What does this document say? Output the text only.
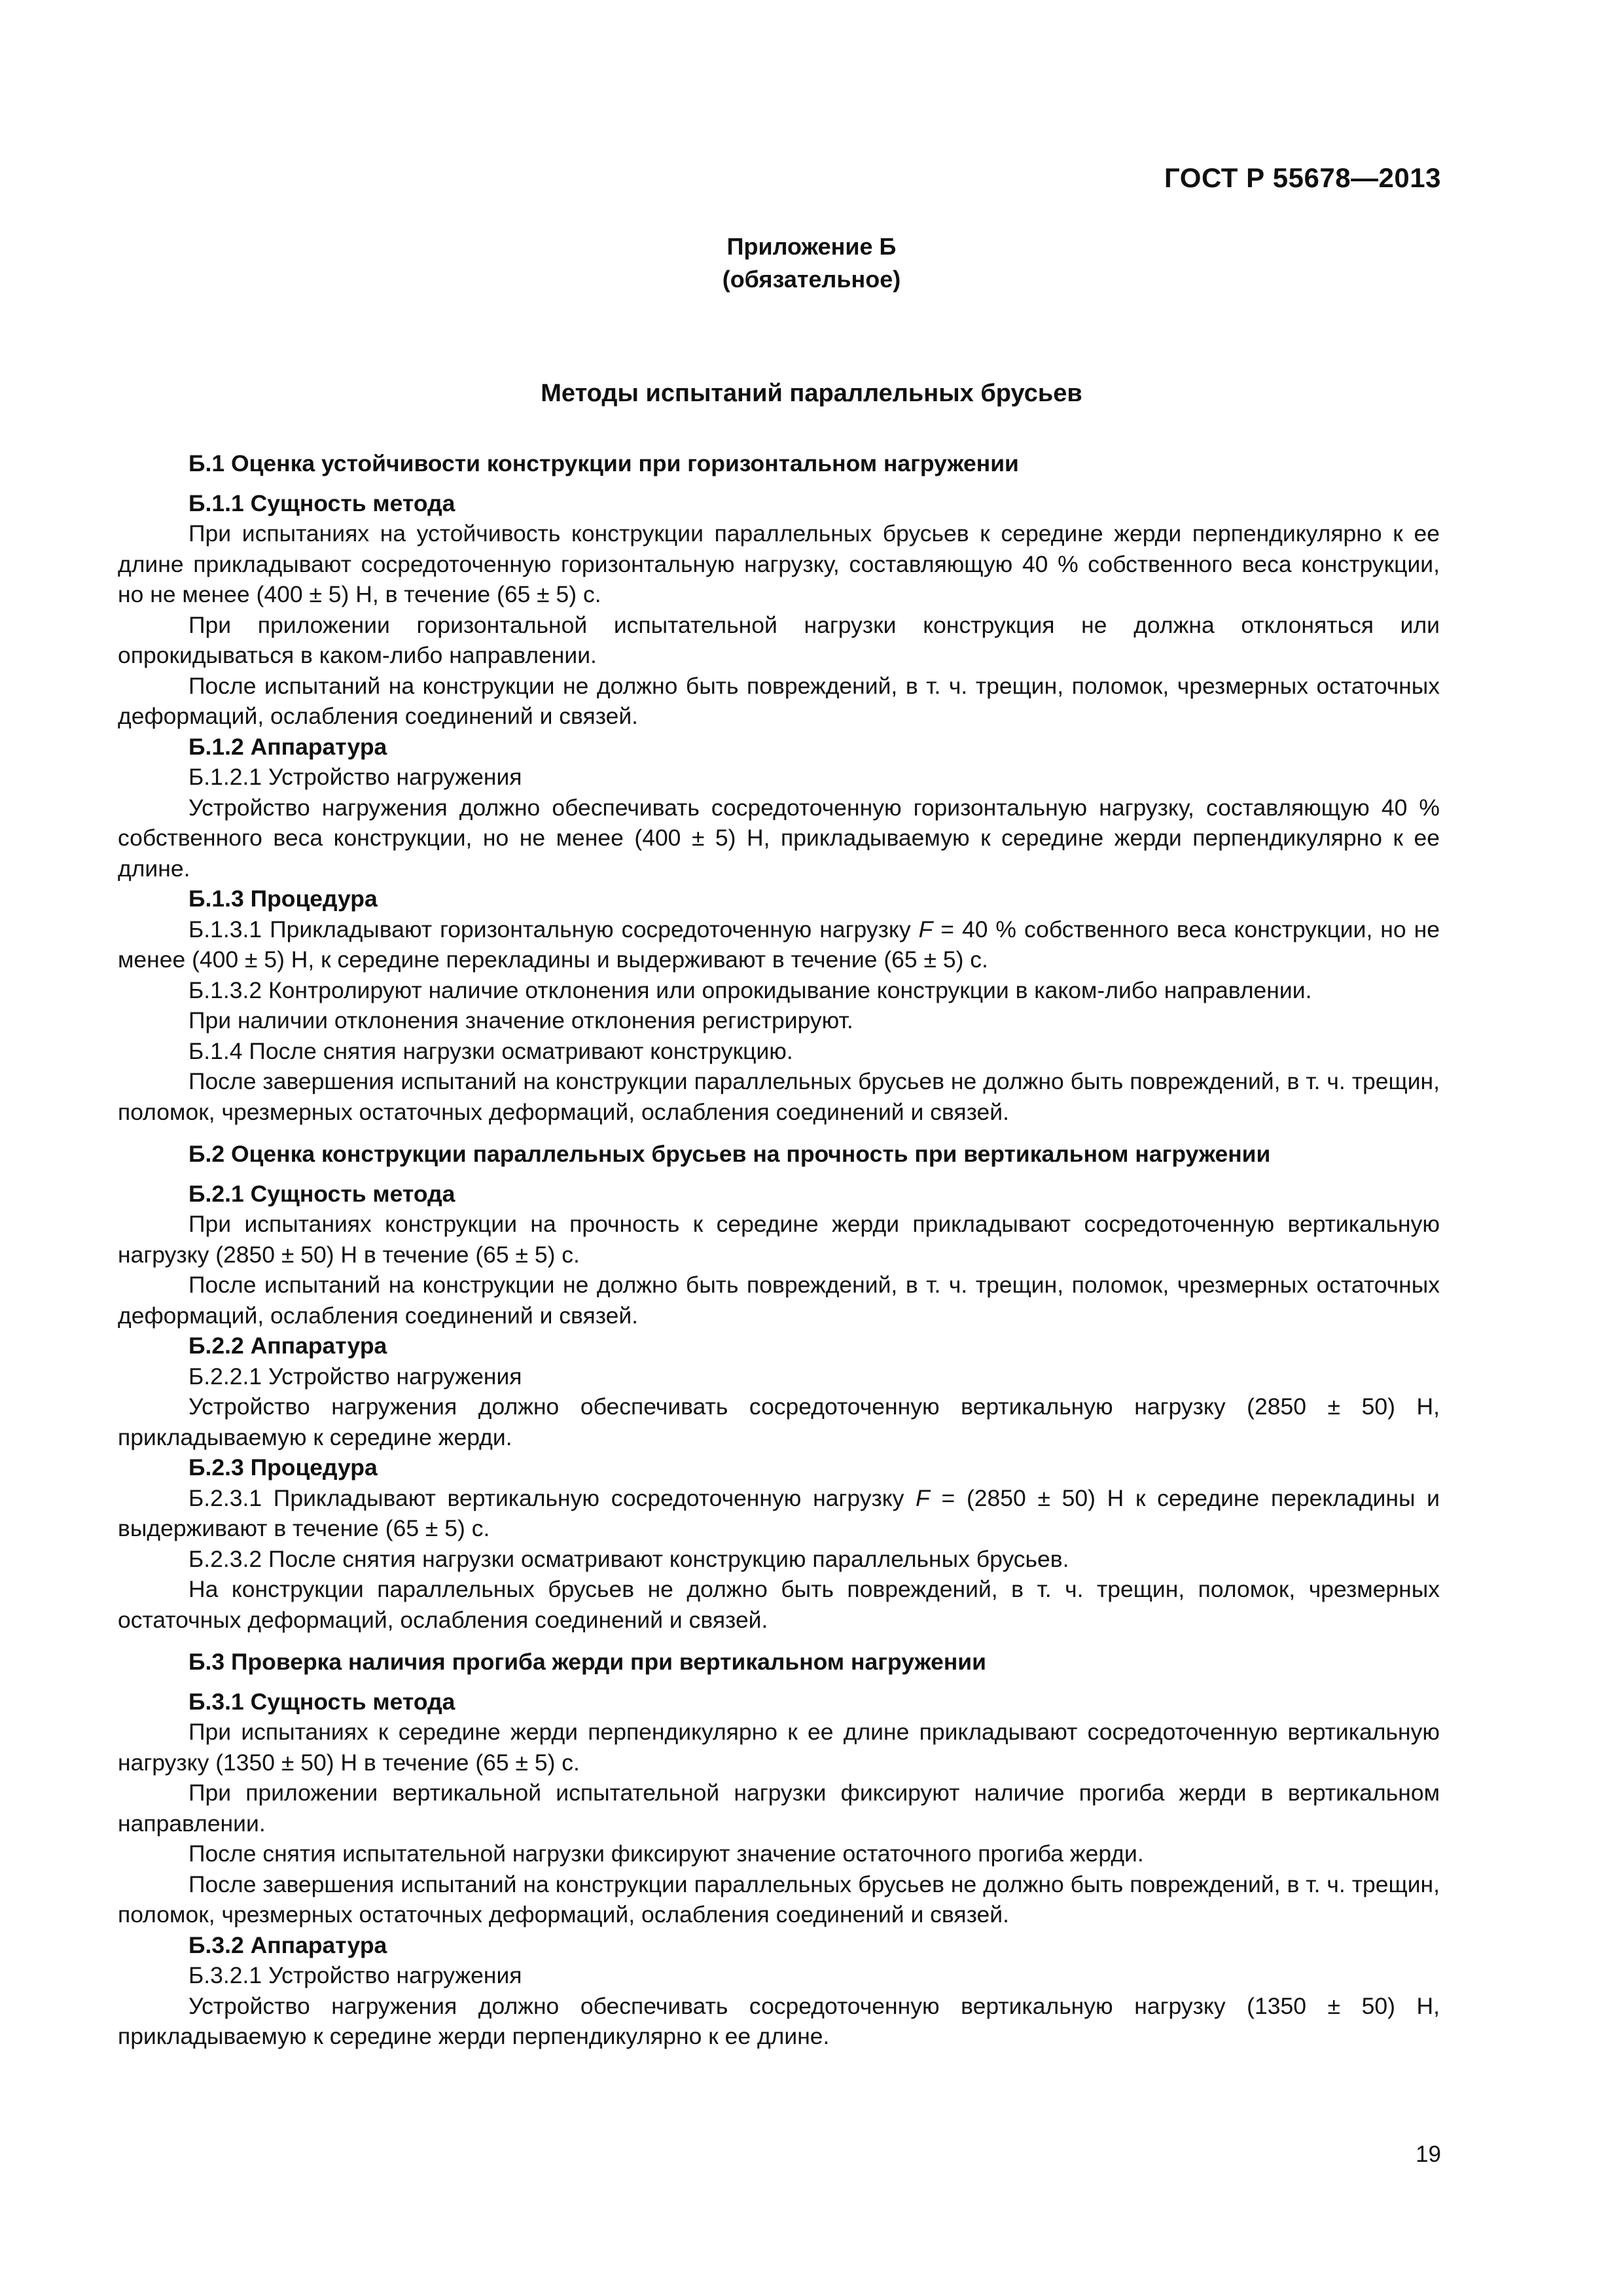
ГОСТ Р 55678—2013
Приложение Б
(обязательное)
Методы испытаний параллельных брусьев

Б.1 Оценка устойчивости конструкции при горизонтальном нагружении

Б.1.1 Сущность метода

При испытаниях на устойчивость конструкции параллельных брусьев к середине жерди перпендикулярно к ее длине прикладывают сосредоточенную горизонтальную нагрузку, составляющую 40 % собственного веса конструкции, но не менее (400 ± 5) Н, в течение (65 ± 5) с.

При приложении горизонтальной испытательной нагрузки конструкция не должна отклоняться или опрокидываться в каком-либо направлении.

После испытаний на конструкции не должно быть повреждений, в т. ч. трещин, поломок, чрезмерных остаточных деформаций, ослабления соединений и связей.

Б.1.2 Аппаратура

Б.1.2.1 Устройство нагружения

Устройство нагружения должно обеспечивать сосредоточенную горизонтальную нагрузку, составляющую 40 % собственного веса конструкции, но не менее (400 ± 5) Н, прикладываемую к середине жерди перпендикулярно к ее длине.

Б.1.3 Процедура

Б.1.3.1 Прикладывают горизонтальную сосредоточенную нагрузку F = 40 % собственного веса конструкции, но не менее (400 ± 5) Н, к середине перекладины и выдерживают в течение (65 ± 5) с.

Б.1.3.2 Контролируют наличие отклонения или опрокидывание конструкции в каком-либо направлении.

При наличии отклонения значение отклонения регистрируют.

Б.1.4 После снятия нагрузки осматривают конструкцию.

После завершения испытаний на конструкции параллельных брусьев не должно быть повреждений, в т. ч. трещин, поломок, чрезмерных остаточных деформаций, ослабления соединений и связей.

Б.2 Оценка конструкции параллельных брусьев на прочность при вертикальном нагружении

Б.2.1 Сущность метода

При испытаниях конструкции на прочность к середине жерди прикладывают сосредоточенную вертикальную нагрузку (2850 ± 50) Н в течение (65 ± 5) с.

После испытаний на конструкции не должно быть повреждений, в т. ч. трещин, поломок, чрезмерных остаточных деформаций, ослабления соединений и связей.

Б.2.2 Аппаратура

Б.2.2.1 Устройство нагружения

Устройство нагружения должно обеспечивать сосредоточенную вертикальную нагрузку (2850 ± 50) Н, прикладываемую к середине жерди.

Б.2.3 Процедура

Б.2.3.1 Прикладывают вертикальную сосредоточенную нагрузку F = (2850 ± 50) Н к середине перекладины и выдерживают в течение (65 ± 5) с.

Б.2.3.2 После снятия нагрузки осматривают конструкцию параллельных брусьев.

На конструкции параллельных брусьев не должно быть повреждений, в т. ч. трещин, поломок, чрезмерных остаточных деформаций, ослабления соединений и связей.

Б.3 Проверка наличия прогиба жерди при вертикальном нагружении

Б.3.1 Сущность метода

При испытаниях к середине жерди перпендикулярно к ее длине прикладывают сосредоточенную вертикальную нагрузку (1350 ± 50) Н в течение (65 ± 5) с.

При приложении вертикальной испытательной нагрузки фиксируют наличие прогиба жерди в вертикальном направлении.

После снятия испытательной нагрузки фиксируют значение остаточного прогиба жерди.

После завершения испытаний на конструкции параллельных брусьев не должно быть повреждений, в т. ч. трещин, поломок, чрезмерных остаточных деформаций, ослабления соединений и связей.

Б.3.2 Аппаратура

Б.3.2.1 Устройство нагружения

Устройство нагружения должно обеспечивать сосредоточенную вертикальную нагрузку (1350 ± 50) Н, прикладываемую к середине жерди перпендикулярно к ее длине.

19
